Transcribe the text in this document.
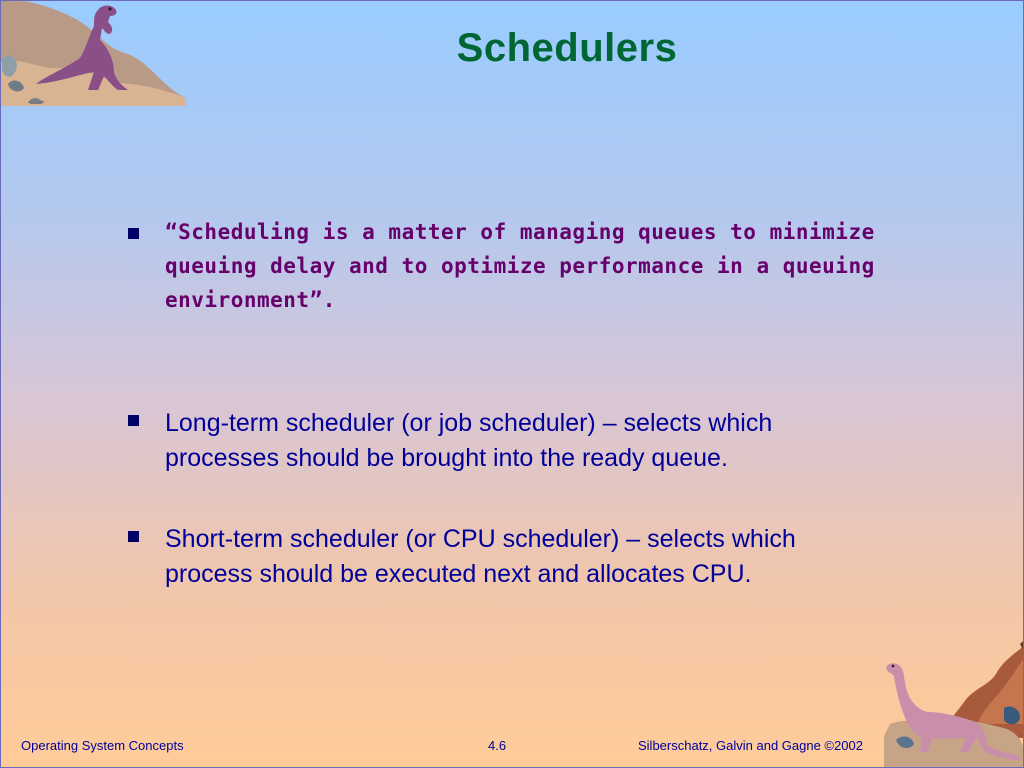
Schedulers
“Scheduling is a matter of managing queues to minimize queuing delay and to optimize performance in a queuing environment”.
Long-term scheduler (or job scheduler) – selects which processes should be brought into the ready queue.
Short-term scheduler (or CPU scheduler) – selects which process should be executed next and allocates CPU.
Operating System Concepts	4.6	Silberschatz, Galvin and Gagne ©2002
